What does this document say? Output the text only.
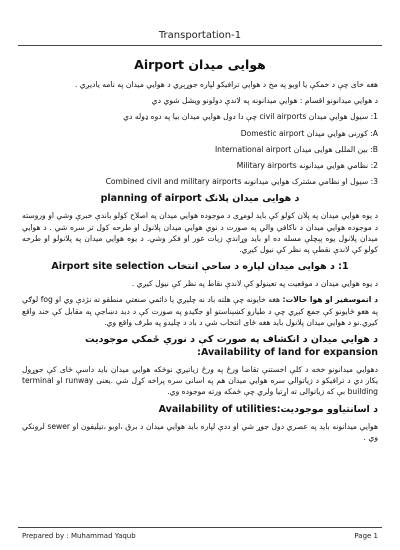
Transportation-1
هوایی میدان Airport
هغه خای چې د خمکې یا اوبو په مخ د هوایي ترافیکو لپاره جوړېږي د هوایي میدان په نامه یادیږي .
د هوایي میدانونو اقسام : هوایي میدانونه په لاندې دولونو ویشل شوي دي
1: سیول هوایي میدان civil airports چې دا دول هوایي میدان بیا په دوه ډوله دي
A: کورنی هوایي میدان Domestic airport
B: بین المللی هوایی میدان International airport
2: نظامي هوایي میدانونه Military airports
3: سیول او نظامي مشترک هوایي میدانونه Combined civil and military airports
د هوایی میدان پلانګ planning of airport
د یوه هوایي میدان په پلان کولو کې باید لومړی د موجوده هوایي میدان په اصلاح کولو باندې خبرې وشي او وروسته د موجوده هوایي میدان د ناکافي والي په صورت د نوي هوایي میدان پلانول او طرحه کول تر سره شي . د هوایي میدان پلانول یوه پېچلې مسله ده او باید وړاندې زیات غور او فکر وشي. د یوه هوایي میدان په پلانولو او طرحه کولو کې لاندې نقطې په نظر کې نیول کیږي.
1: د هوایی میدان لپاره د ساحې انتخاب Airport site selection
د یوه هوایي میدان د موقعیت په تعینولو کې لاندې نقاط په نظر کې نیول کیږي .
د اتموسفیر او هوا حالات: هغه خایونه چې هلته باد نه چلیږي یا دائمي صنعتي منطقو ته نژدې وي او fog لوګي په هغو ځایونو کې جمع کیږي چې د طیارو کښېناستو او جګیدو په صورت کې د دید دښاجې په مقابل کې خند واقع کیږي.نو د هوایي میدان پلانول باید هغه ځای انتخاب شي د باد د چلیدو په طرف واقع وي.
د هوایي میدان د انکشاف په صورت کې د نوري ځمکي موجودیت Availability of land for expansion:
دهوایي میدانونو خخه د کلې اخستنې تقاضا ورځ په ورځ زیاتیږي نوځکه هوایي میدان باید داسې ځای کې جوړول یکار دي د ترافیکو د زیاتوالي سره هوایي میدان هم په اسانی سره پراخه کړل شي .یعنی runway او terminal building بې که زیاتوالی ته اړتیا ولري چې ځمکه ورته موجوده وي.
د اسانتیاوو موجودیت:Availability of utilities
هوایي میدانونه باید په عصري دول جوړ شي او ددې لپاره باید هوایي میدان د برق ،اوبو ،تیلیفون او sewer لرونکي وي .
Prepared by : Muhammad Yaqub	Page 1
